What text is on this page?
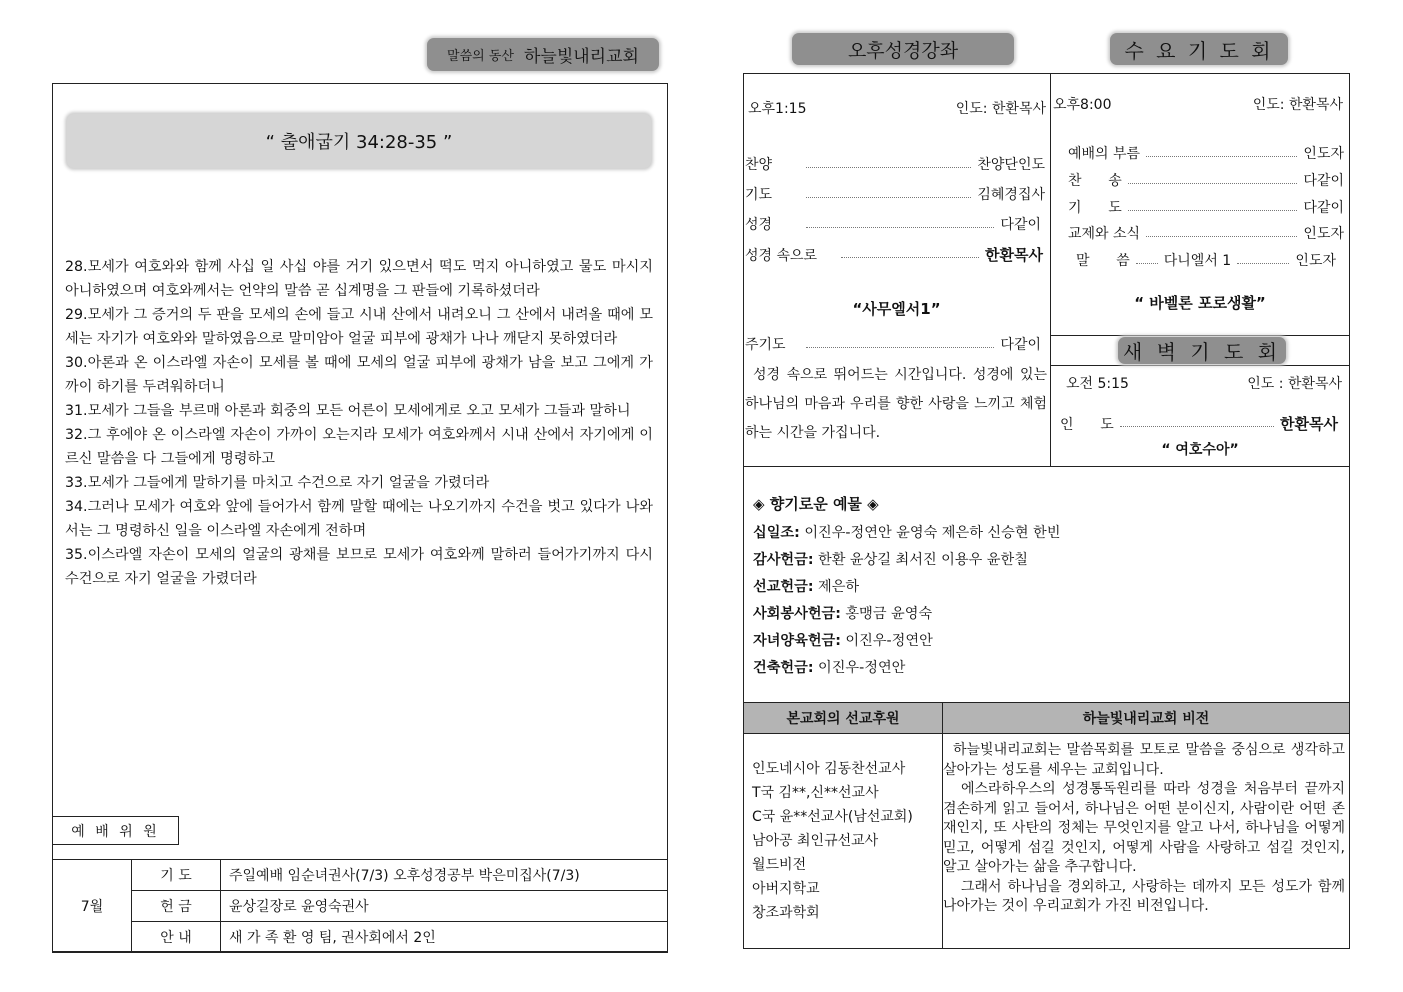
말씀의 동산 하늘빛내리교회
“ 출애굽기 34:28-35 ”

28.모세가 여호와와 함께 사십 일 사십 야를 거기 있으면서 떡도 먹지 아니하였고 물도 마시지 아니하였으며 여호와께서는 언약의 말씀 곧 십계명을 그 판들에 기록하셨더라

29.모세가 그 증거의 두 판을 모세의 손에 들고 시내 산에서 내려오니 그 산에서 내려올 때에 모세는 자기가 여호와와 말하였음으로 말미암아 얼굴 피부에 광채가 나나 깨닫지 못하였더라

30.아론과 온 이스라엘 자손이 모세를 볼 때에 모세의 얼굴 피부에 광채가 남을 보고 그에게 가까이 하기를 두려워하더니

31.모세가 그들을 부르매 아론과 회중의 모든 어른이 모세에게로 오고 모세가 그들과 말하니

32.그 후에야 온 이스라엘 자손이 가까이 오는지라 모세가 여호와께서 시내 산에서 자기에게 이르신 말씀을 다 그들에게 명령하고

33.모세가 그들에게 말하기를 마치고 수건으로 자기 얼굴을 가렸더라

34.그러나 모세가 여호와 앞에 들어가서 함께 말할 때에는 나오기까지 수건을 벗고 있다가 나와서는 그 명령하신 일을 이스라엘 자손에게 전하며

35.이스라엘 자손이 모세의 얼굴의 광채를 보므로 모세가 여호와께 말하러 들어가기까지 다시 수건으로 자기 얼굴을 가렸더라

예 배 위 원
7월	기 도	주일예배 임순녀권사(7/3) 오후성경공부 박은미집사(7/3)
	헌 금	윤상길장로 윤영숙권사
	안 내	새 가 족 환 영 팀, 권사회에서 2인
오후성경강좌	수 요 기 도 회
오후1:15	인도: 한환목사
찬양	찬양단인도
기도	김혜경집사
성경	다같이
성경 속으로	한환목사
“사무엘서1”
주기도	다같이
성경 속으로 뛰어드는 시간입니다. 성경에 있는 하나님의 마음과 우리를 향한 사랑을 느끼고 체험하는 시간을 가집니다.
오후8:00	인도: 한환목사
예배의 부름	인도자
찬      송	다같이
기      도	다같이
교제와 소식	인도자
말      씀 다니엘서 1	인도자
“ 바벨론 포로생활”
새 벽 기 도 회
오전 5:15	인도 : 한환목사
인      도	한환목사
“ 여호수아”
◈ 향기로운 예물 ◈
십일조: 이진우-정연안 윤영숙 제은하 신승현 한빈
감사헌금: 한환 윤상길 최서진 이용우 윤한칠
선교헌금: 제은하
사회봉사헌금: 홍맹금 윤영숙
자녀양육헌금: 이진우-정연안
건축헌금: 이진우-정연안
본교회의 선교후원	하늘빛내리교회 비전
인도네시아 김동찬선교사
T국 김**,신**선교사
C국 윤**선교사(남선교회)
남아공 최인규선교사
월드비전
아버지학교
창조과학회

하늘빛내리교회는 말씀목회를 모토로 말씀을 중심으로 생각하고 살아가는 성도를 세우는 교회입니다.

에스라하우스의 성경통독원리를 따라 성경을 처음부터 끝까지 겸손하게 읽고 들어서, 하나님은 어떤 분이신지, 사람이란 어떤 존재인지, 또 사탄의 정체는 무엇인지를 알고 나서, 하나님을 어떻게 믿고, 어떻게 섬길 것인지, 어떻게 사람을 사랑하고 섬길 것인지, 알고 살아가는 삶을 추구합니다.

그래서 하나님을 경외하고, 사랑하는 데까지 모든 성도가 함께 나아가는 것이 우리교회가 가진 비전입니다.
